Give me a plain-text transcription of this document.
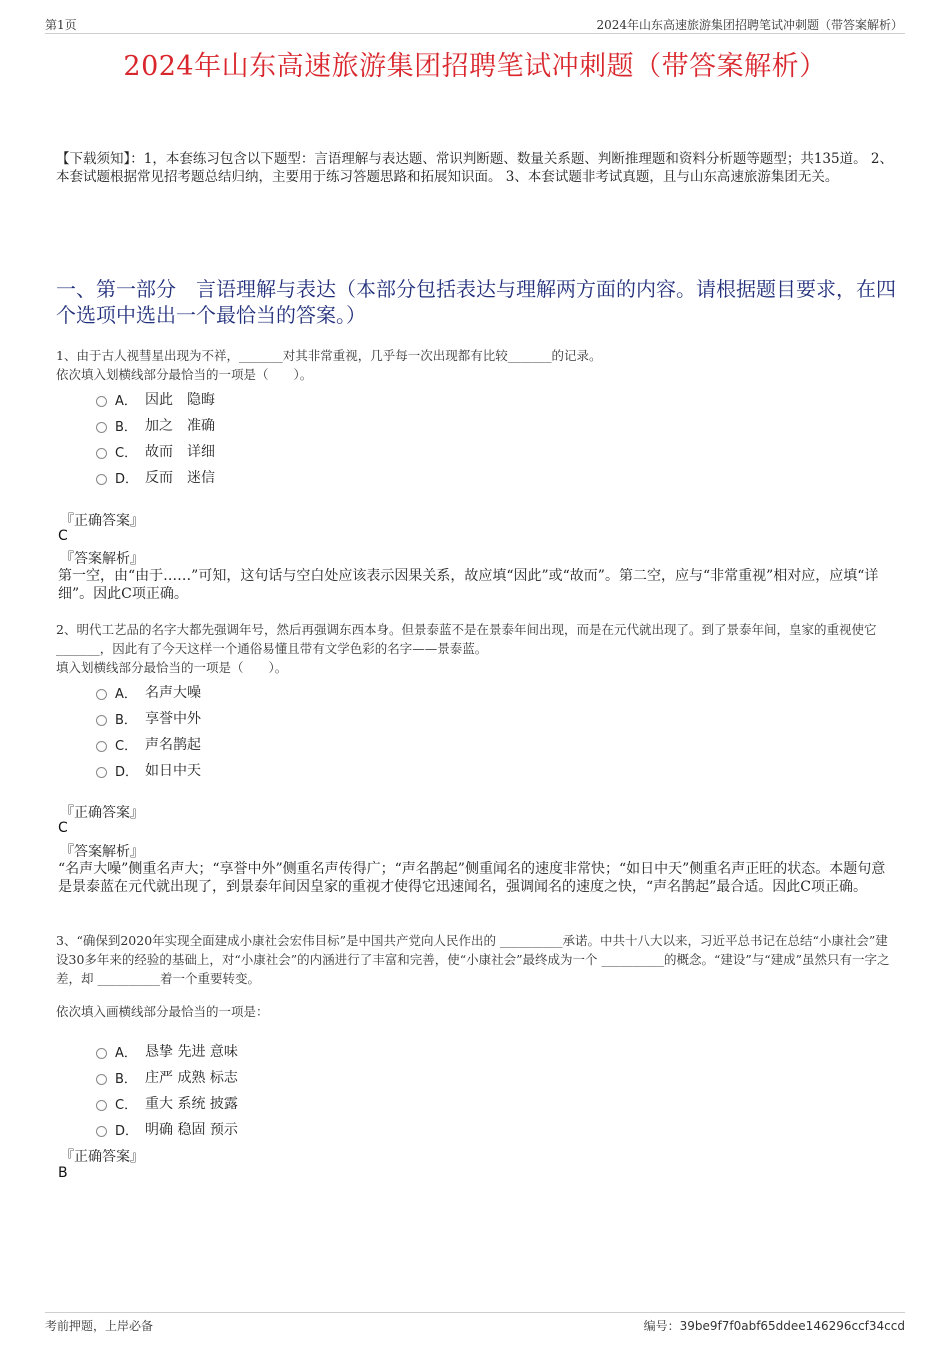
第1页	2024年山东高速旅游集团招聘笔试冲刺题（带答案解析）
2024年山东高速旅游集团招聘笔试冲刺题（带答案解析）
【下载须知】：1，本套练习包含以下题型：言语理解与表达题、常识判断题、数量关系题、判断推理题和资料分析题等题型；共135道。 2、本套试题根据常见招考题总结归纳，主要用于练习答题思路和拓展知识面。 3、本套试题非考试真题，且与山东高速旅游集团无关。
一、第一部分　言语理解与表达（本部分包括表达与理解两方面的内容。请根据题目要求，在四个选项中选出一个最恰当的答案。）
1、由于古人视彗星出现为不祥，_______对其非常重视，几乎每一次出现都有比较_______的记录。
依次填入划横线部分最恰当的一项是（　　）。
A． 因此　隐晦
B． 加之　准确
C． 故而　详细
D． 反而　迷信
『正确答案』
C
『答案解析』
第一空，由“由于……”可知，这句话与空白处应该表示因果关系，故应填“因此”或“故而”。第二空，应与“非常重视”相对应，应填“详细”。因此C项正确。
2、明代工艺品的名字大都先强调年号，然后再强调东西本身。但景泰蓝不是在景泰年间出现，而是在元代就出现了。到了景泰年间，皇家的重视使它_______，因此有了今天这样一个通俗易懂且带有文学色彩的名字——景泰蓝。
填入划横线部分最恰当的一项是（　　）。
A． 名声大噪
B． 享誉中外
C． 声名鹊起
D． 如日中天
『正确答案』
C
『答案解析』
“名声大噪”侧重名声大；“享誉中外”侧重名声传得广；“声名鹊起”侧重闻名的速度非常快；“如日中天”侧重名声正旺的状态。本题句意是景泰蓝在元代就出现了，到景泰年间因皇家的重视才使得它迅速闻名，强调闻名的速度之快，“声名鹊起”最合适。因此C项正确。
3、“确保到2020年实现全面建成小康社会宏伟目标”是中国共产党向人民作出的 __________承诺。中共十八大以来，习近平总书记在总结“小康社会”建设30多年来的经验的基础上，对“小康社会”的内涵进行了丰富和完善，使“小康社会”最终成为一个 __________的概念。“建设”与“建成”虽然只有一字之差，却 __________着一个重要转变。
依次填入画横线部分最恰当的一项是：
A． 恳挚 先进 意味
B． 庄严 成熟 标志
C． 重大 系统 披露
D． 明确 稳固 预示
『正确答案』
B
考前押题，上岸必备	编号：39be9f7f0abf65ddee146296ccf34ccd
